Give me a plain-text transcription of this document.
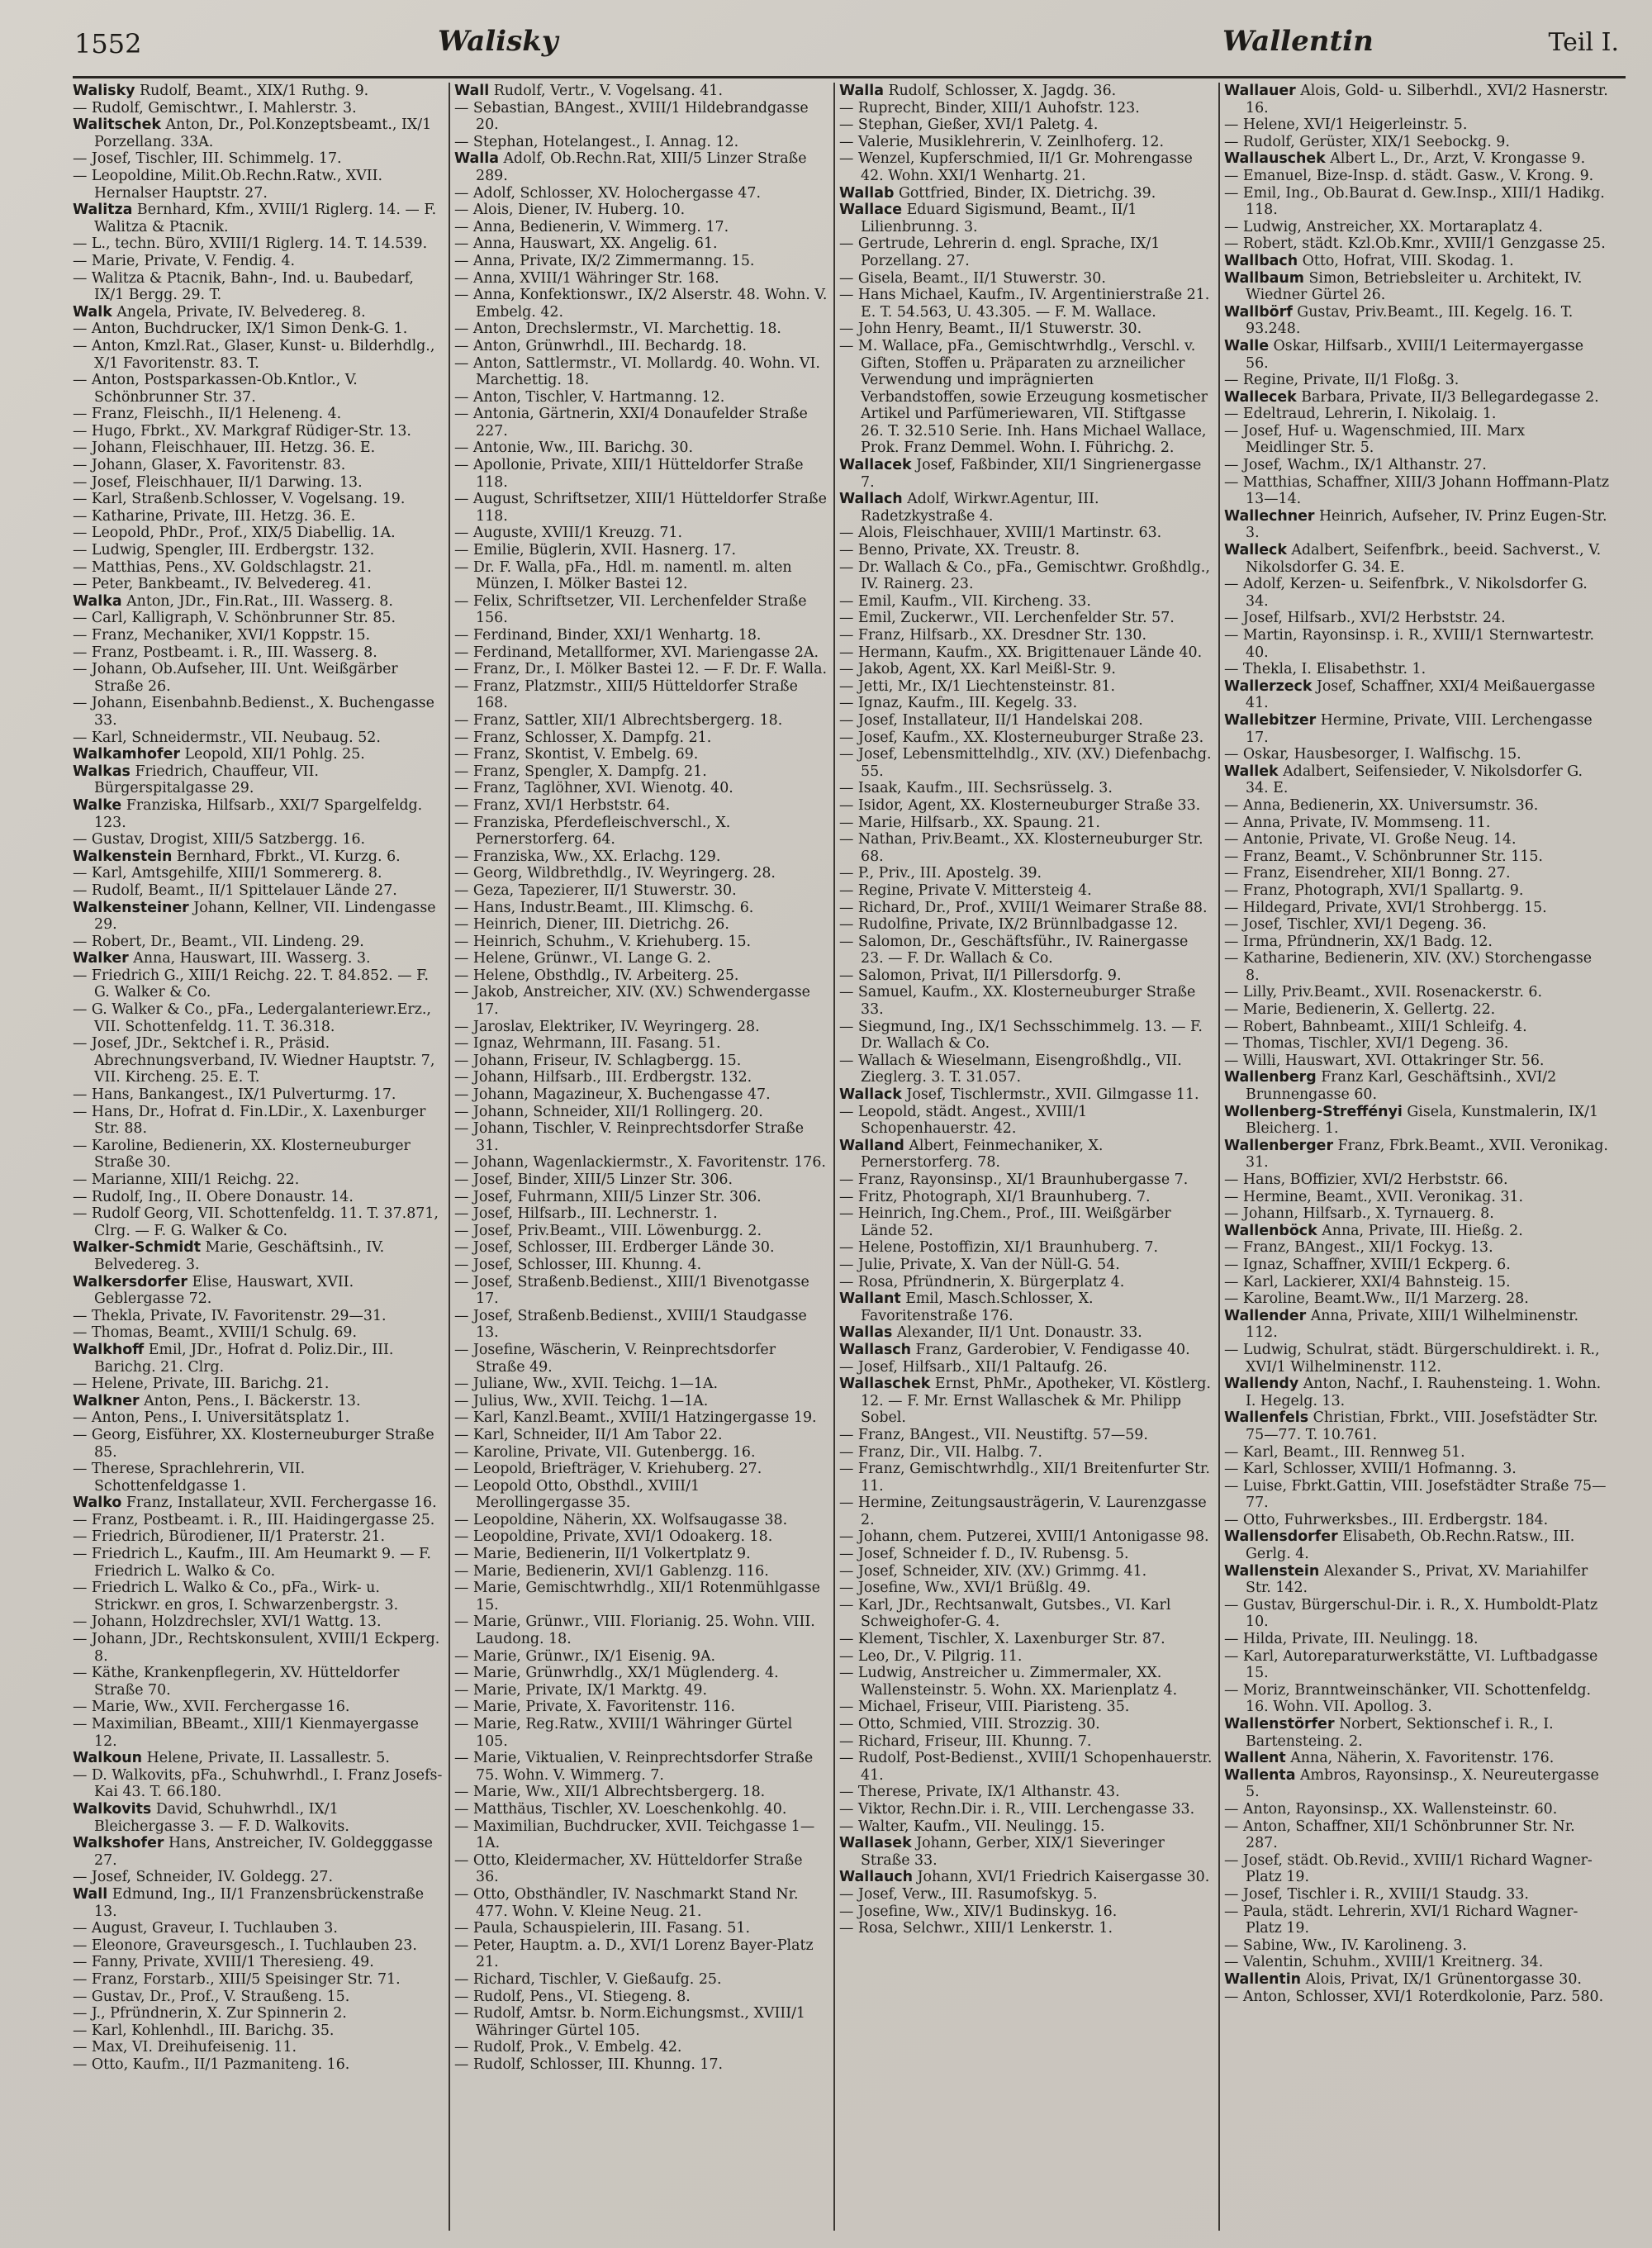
1552	Walisky	Wallentin	Teil I.
Walisky Rudolf, Beamt., XIX/1 Ruthg. 9.
— Rudolf, Gemischtwr., I. Mahlerstr. 3.
Walitschek Anton, Dr., Pol.Konzeptsbeamt., IX/1 Porzellang. 33A.
— Josef, Tischler, III. Schimmelg. 17.
— Leopoldine, Milit.Ob.Rechn.Ratw., XVII. Hernalser Hauptstr. 27.
Walitza Bernhard, Kfm., XVIII/1 Riglerg. 14. — F. Walitza & Ptacnik.
— L., techn. Büro, XVIII/1 Riglerg. 14. T. 14.539.
— Marie, Private, V. Fendig. 4.
— Walitza & Ptacnik, Bahn-, Ind. u. Baubedarf, IX/1 Bergg. 29. T.
Walk Angela, Private, IV. Belvedereg. 8.
— Anton, Buchdrucker, IX/1 Simon Denk-G. 1.
— Anton, Kmzl.Rat., Glaser, Kunst- u. Bilderhdlg., X/1 Favoritenstr. 83. T.
— Anton, Postsparkassen-Ob.Kntlor., V. Schönbrunner Str. 37.
— Franz, Fleischh., II/1 Heleneng. 4.
— Hugo, Fbrkt., XV. Markgraf Rüdiger-Str. 13.
— Johann, Fleischhauer, III. Hetzg. 36. E.
— Johann, Glaser, X. Favoritenstr. 83.
— Josef, Fleischhauer, II/1 Darwing. 13.
— Karl, Straßenb.Schlosser, V. Vogelsang. 19.
— Katharine, Private, III. Hetzg. 36. E.
— Leopold, PhDr., Prof., XIX/5 Diabellig. 1A.
— Ludwig, Spengler, III. Erdbergstr. 132.
— Matthias, Pens., XV. Goldschlagstr. 21.
— Peter, Bankbeamt., IV. Belvedereg. 41.
Walka Anton, JDr., Fin.Rat., III. Wasserg. 8.
— Carl, Kalligraph, V. Schönbrunner Str. 85.
— Franz, Mechaniker, XVI/1 Koppstr. 15.
— Franz, Postbeamt. i. R., III. Wasserg. 8.
— Johann, Ob.Aufseher, III. Unt. Weißgärber Straße 26.
— Johann, Eisenbahnb.Bedienst., X. Buchengasse 33.
— Karl, Schneidermstr., VII. Neubaug. 52.
Walkamhofer Leopold, XII/1 Pohlg. 25.
Walkas Friedrich, Chauffeur, VII. Bürgerspitalgasse 29.
Walke Franziska, Hilfsarb., XXI/7 Spargelfeldg. 123.
— Gustav, Drogist, XIII/5 Satzbergg. 16.
Walkenstein Bernhard, Fbrkt., VI. Kurzg. 6.
— Karl, Amtsgehilfe, XIII/1 Sommererg. 8.
— Rudolf, Beamt., II/1 Spittelauer Lände 27.
Walkensteiner Johann, Kellner, VII. Lindengasse 29.
— Robert, Dr., Beamt., VII. Lindeng. 29.
Walker Anna, Hauswart, III. Wasserg. 3.
— Friedrich G., XIII/1 Reichg. 22. T. 84.852. — F. G. Walker & Co.
— G. Walker & Co., pFa., Ledergalanteriewr.Erz., VII. Schottenfeldg. 11. T. 36.318.
— Josef, JDr., Sektchef i. R., Präsid. Abrechnungsverband, IV. Wiedner Hauptstr. 7, VII. Kircheng. 25. E. T.
— Hans, Bankangest., IX/1 Pulverturmg. 17.
— Hans, Dr., Hofrat d. Fin.LDir., X. Laxenburger Str. 88.
— Karoline, Bedienerin, XX. Klosterneuburger Straße 30.
— Marianne, XIII/1 Reichg. 22.
— Rudolf, Ing., II. Obere Donaustr. 14.
— Rudolf Georg, VII. Schottenfeldg. 11. T. 37.871, Clrg. — F. G. Walker & Co.
Walker-Schmidt Marie, Geschäftsinh., IV. Belvedereg. 3.
Walkersdorfer Elise, Hauswart, XVII. Geblergasse 72.
— Thekla, Private, IV. Favoritenstr. 29—31.
— Thomas, Beamt., XVIII/1 Schulg. 69.
Walkhoff Emil, JDr., Hofrat d. Poliz.Dir., III. Barichg. 21. Clrg.
— Helene, Private, III. Barichg. 21.
Walkner Anton, Pens., I. Bäckerstr. 13.
— Anton, Pens., I. Universitätsplatz 1.
— Georg, Eisführer, XX. Klosterneuburger Straße 85.
— Therese, Sprachlehrerin, VII. Schottenfeldgasse 1.
Walko Franz, Installateur, XVII. Ferchergasse 16.
— Franz, Postbeamt. i. R., III. Haidingergasse 25.
— Friedrich, Bürodiener, II/1 Praterstr. 21.
— Friedrich L., Kaufm., III. Am Heumarkt 9. — F. Friedrich L. Walko & Co.
— Friedrich L. Walko & Co., pFa., Wirk- u. Strickwr. en gros, I. Schwarzenbergstr. 3.
— Johann, Holzdrechsler, XVI/1 Wattg. 13.
— Johann, JDr., Rechtskonsulent, XVIII/1 Eckperg. 8.
— Käthe, Krankenpflegerin, XV. Hütteldorfer Straße 70.
— Marie, Ww., XVII. Ferchergasse 16.
— Maximilian, BBeamt., XIII/1 Kienmayergasse 12.
Walkoun Helene, Private, II. Lassallestr. 5.
— D. Walkovits, pFa., Schuhwrhdl., I. Franz Josefs-Kai 43. T. 66.180.
Walkovits David, Schuhwrhdl., IX/1 Bleichergasse 3. — F. D. Walkovits.
Walkshofer Hans, Anstreicher, IV. Goldegggasse 27.
— Josef, Schneider, IV. Goldegg. 27.
Wall Edmund, Ing., II/1 Franzensbrückenstraße 13.
— August, Graveur, I. Tuchlauben 3.
— Eleonore, Graveursgesch., I. Tuchlauben 23.
— Fanny, Private, XVIII/1 Theresieng. 49.
— Franz, Forstarb., XIII/5 Speisinger Str. 71.
— Gustav, Dr., Prof., V. Straußeng. 15.
— J., Pfründnerin, X. Zur Spinnerin 2.
— Karl, Kohlenhdl., III. Barichg. 35.
— Max, VI. Dreihufeisenig. 11.
— Otto, Kaufm., II/1 Pazmaniteng. 16.
Wall Rudolf, Vertr., V. Vogelsang. 41.
— Sebastian, BAngest., XVIII/1 Hildebrandgasse 20.
— Stephan, Hotelangest., I. Annag. 12.
Walla Adolf, Ob.Rechn.Rat, XIII/5 Linzer Straße 289.
— Adolf, Schlosser, XV. Holochergasse 47.
— Alois, Diener, IV. Huberg. 10.
— Anna, Bedienerin, V. Wimmerg. 17.
— Anna, Hauswart, XX. Angelig. 61.
— Anna, Private, IX/2 Zimmermanng. 15.
— Anna, XVIII/1 Währinger Str. 168.
— Anna, Konfektionswr., IX/2 Alserstr. 48. Wohn. V. Embelg. 42.
— Anton, Drechslermstr., VI. Marchettig. 18.
— Anton, Grünwrhdl., III. Bechardg. 18.
— Anton, Sattlermstr., VI. Mollardg. 40. Wohn. VI. Marchettig. 18.
— Anton, Tischler, V. Hartmanng. 12.
— Antonia, Gärtnerin, XXI/4 Donaufelder Straße 227.
— Antonie, Ww., III. Barichg. 30.
— Apollonie, Private, XIII/1 Hütteldorfer Straße 118.
— August, Schriftsetzer, XIII/1 Hütteldorfer Straße 118.
— Auguste, XVIII/1 Kreuzg. 71.
— Emilie, Büglerin, XVII. Hasnerg. 17.
— Dr. F. Walla, pFa., Hdl. m. namentl. m. alten Münzen, I. Mölker Bastei 12.
— Felix, Schriftsetzer, VII. Lerchenfelder Straße 156.
— Ferdinand, Binder, XXI/1 Wenhartg. 18.
— Ferdinand, Metallformer, XVI. Mariengasse 2A.
— Franz, Dr., I. Mölker Bastei 12. — F. Dr. F. Walla.
— Franz, Platzmstr., XIII/5 Hütteldorfer Straße 168.
— Franz, Sattler, XII/1 Albrechtsbergerg. 18.
— Franz, Schlosser, X. Dampfg. 21.
— Franz, Skontist, V. Embelg. 69.
— Franz, Spengler, X. Dampfg. 21.
— Franz, Taglöhner, XVI. Wienotg. 40.
— Franz, XVI/1 Herbststr. 64.
— Franziska, Pferdefleischverschl., X. Pernerstorferg. 64.
— Franziska, Ww., XX. Erlachg. 129.
— Georg, Wildbrethdlg., IV. Weyringerg. 28.
— Geza, Tapezierer, II/1 Stuwerstr. 30.
— Hans, Industr.Beamt., III. Klimschg. 6.
— Heinrich, Diener, III. Dietrichg. 26.
— Heinrich, Schuhm., V. Kriehuberg. 15.
— Helene, Grünwr., VI. Lange G. 2.
— Helene, Obsthdlg., IV. Arbeiterg. 25.
— Jakob, Anstreicher, XIV. (XV.) Schwendergasse 17.
— Jaroslav, Elektriker, IV. Weyringerg. 28.
— Ignaz, Wehrmann, III. Fasang. 51.
— Johann, Friseur, IV. Schlagbergg. 15.
— Johann, Hilfsarb., III. Erdbergstr. 132.
— Johann, Magazineur, X. Buchengasse 47.
— Johann, Schneider, XII/1 Rollingerg. 20.
— Johann, Tischler, V. Reinprechtsdorfer Straße 31.
— Johann, Wagenlackiermstr., X. Favoritenstr. 176.
— Josef, Binder, XIII/5 Linzer Str. 306.
— Josef, Fuhrmann, XIII/5 Linzer Str. 306.
— Josef, Hilfsarb., III. Lechnerstr. 1.
— Josef, Priv.Beamt., VIII. Löwenburgg. 2.
— Josef, Schlosser, III. Erdberger Lände 30.
— Josef, Schlosser, III. Khunng. 4.
— Josef, Straßenb.Bedienst., XIII/1 Bivenotgasse 17.
— Josef, Straßenb.Bedienst., XVIII/1 Staudgasse 13.
— Josefine, Wäscherin, V. Reinprechtsdorfer Straße 49.
— Juliane, Ww., XVII. Teichg. 1—1A.
— Julius, Ww., XVII. Teichg. 1—1A.
— Karl, Kanzl.Beamt., XVIII/1 Hatzingergasse 19.
— Karl, Schneider, II/1 Am Tabor 22.
— Karoline, Private, VII. Gutenbergg. 16.
— Leopold, Briefträger, V. Kriehuberg. 27.
— Leopold Otto, Obsthdl., XVIII/1 Merollingergasse 35.
— Leopoldine, Näherin, XX. Wolfsaugasse 38.
— Leopoldine, Private, XVI/1 Odoakerg. 18.
— Marie, Bedienerin, II/1 Volkertplatz 9.
— Marie, Bedienerin, XVI/1 Gablenzg. 116.
— Marie, Gemischtwrhdlg., XII/1 Rotenmühlgasse 15.
— Marie, Grünwr., VIII. Florianig. 25. Wohn. VIII. Laudong. 18.
— Marie, Grünwr., IX/1 Eisenig. 9A.
— Marie, Grünwrhdlg., XX/1 Müglenderg. 4.
— Marie, Private, IX/1 Marktg. 49.
— Marie, Private, X. Favoritenstr. 116.
— Marie, Reg.Ratw., XVIII/1 Währinger Gürtel 105.
— Marie, Viktualien, V. Reinprechtsdorfer Straße 75. Wohn. V. Wimmerg. 7.
— Marie, Ww., XII/1 Albrechtsbergerg. 18.
— Matthäus, Tischler, XV. Loeschenkohlg. 40.
— Maximilian, Buchdrucker, XVII. Teichgasse 1—1A.
— Otto, Kleidermacher, XV. Hütteldorfer Straße 36.
— Otto, Obsthändler, IV. Naschmarkt Stand Nr. 477. Wohn. V. Kleine Neug. 21.
— Paula, Schauspielerin, III. Fasang. 51.
— Peter, Hauptm. a. D., XVI/1 Lorenz Bayer-Platz 21.
— Richard, Tischler, V. Gießaufg. 25.
— Rudolf, Pens., VI. Stiegeng. 8.
— Rudolf, Amtsr. b. Norm.Eichungsmst., XVIII/1 Währinger Gürtel 105.
— Rudolf, Prok., V. Embelg. 42.
— Rudolf, Schlosser, III. Khunng. 17.
Walla Rudolf, Schlosser, X. Jagdg. 36.
— Ruprecht, Binder, XIII/1 Auhofstr. 123.
— Stephan, Gießer, XVI/1 Paletg. 4.
— Valerie, Musiklehrerin, V. Zeinlhoferg. 12.
— Wenzel, Kupferschmied, II/1 Gr. Mohrengasse 42. Wohn. XXI/1 Wenhartg. 21.
Wallab Gottfried, Binder, IX. Dietrichg. 39.
Wallace Eduard Sigismund, Beamt., II/1 Lilienbrunng. 3.
— Gertrude, Lehrerin d. engl. Sprache, IX/1 Porzellang. 27.
— Gisela, Beamt., II/1 Stuwerstr. 30.
— Hans Michael, Kaufm., IV. Argentinierstraße 21. E. T. 54.563, U. 43.305. — F. M. Wallace.
— John Henry, Beamt., II/1 Stuwerstr. 30.
— M. Wallace, pFa., Gemischtwrhdlg., Verschl. v. Giften, Stoffen u. Präparaten zu arzneilicher Verwendung und imprägnierten Verbandstoffen, sowie Erzeugung kosmetischer Artikel und Parfümeriewaren, VII. Stiftgasse 26. T. 32.510 Serie. Inh. Hans Michael Wallace, Prok. Franz Demmel. Wohn. I. Führichg. 2.
Wallacek Josef, Faßbinder, XII/1 Singrienergasse 7.
Wallach Adolf, Wirkwr.Agentur, III. Radetzkystraße 4.
— Alois, Fleischhauer, XVIII/1 Martinstr. 63.
— Benno, Private, XX. Treustr. 8.
— Dr. Wallach & Co., pFa., Gemischtwr. Großhdlg., IV. Rainerg. 23.
— Emil, Kaufm., VII. Kircheng. 33.
— Emil, Zuckerwr., VII. Lerchenfelder Str. 57.
— Franz, Hilfsarb., XX. Dresdner Str. 130.
— Hermann, Kaufm., XX. Brigittenauer Lände 40.
— Jakob, Agent, XX. Karl Meißl-Str. 9.
— Jetti, Mr., IX/1 Liechtensteinstr. 81.
— Ignaz, Kaufm., III. Kegelg. 33.
— Josef, Installateur, II/1 Handelskai 208.
— Josef, Kaufm., XX. Klosterneuburger Straße 23.
— Josef, Lebensmittelhdlg., XIV. (XV.) Diefenbachg. 55.
— Isaak, Kaufm., III. Sechsrüsselg. 3.
— Isidor, Agent, XX. Klosterneuburger Straße 33.
— Marie, Hilfsarb., XX. Spaung. 21.
— Nathan, Priv.Beamt., XX. Klosterneuburger Str. 68.
— P., Priv., III. Apostelg. 39.
— Regine, Private V. Mittersteig 4.
— Richard, Dr., Prof., XVIII/1 Weimarer Straße 88.
— Rudolfine, Private, IX/2 Brünnlbadgasse 12.
— Salomon, Dr., Geschäftsführ., IV. Rainergasse 23. — F. Dr. Wallach & Co.
— Salomon, Privat, II/1 Pillersdorfg. 9.
— Samuel, Kaufm., XX. Klosterneuburger Straße 33.
— Siegmund, Ing., IX/1 Sechsschimmelg. 13. — F. Dr. Wallach & Co.
— Wallach & Wieselmann, Eisengroßhdlg., VII. Zieglerg. 3. T. 31.057.
Wallack Josef, Tischlermstr., XVII. Gilmgasse 11.
— Leopold, städt. Angest., XVIII/1 Schopenhauerstr. 42.
Walland Albert, Feinmechaniker, X. Pernerstorferg. 78.
— Franz, Rayonsinsp., XI/1 Braunhubergasse 7.
— Fritz, Photograph, XI/1 Braunhuberg. 7.
— Heinrich, Ing.Chem., Prof., III. Weißgärber Lände 52.
— Helene, Postoffizin, XI/1 Braunhuberg. 7.
— Julie, Private, X. Van der Nüll-G. 54.
— Rosa, Pfründnerin, X. Bürgerplatz 4.
Wallant Emil, Masch.Schlosser, X. Favoritenstraße 176.
Wallas Alexander, II/1 Unt. Donaustr. 33.
Wallasch Franz, Garderobier, V. Fendigasse 40.
— Josef, Hilfsarb., XII/1 Paltaufg. 26.
Wallaschek Ernst, PhMr., Apotheker, VI. Köstlerg. 12. — F. Mr. Ernst Wallaschek & Mr. Philipp Sobel.
— Franz, BAngest., VII. Neustiftg. 57—59.
— Franz, Dir., VII. Halbg. 7.
— Franz, Gemischtwrhdlg., XII/1 Breitenfurter Str. 11.
— Hermine, Zeitungsausträgerin, V. Laurenzgasse 2.
— Johann, chem. Putzerei, XVIII/1 Antonigasse 98.
— Josef, Schneider f. D., IV. Rubensg. 5.
— Josef, Schneider, XIV. (XV.) Grimmg. 41.
— Josefine, Ww., XVI/1 Brüßlg. 49.
— Karl, JDr., Rechtsanwalt, Gutsbes., VI. Karl Schweighofer-G. 4.
— Klement, Tischler, X. Laxenburger Str. 87.
— Leo, Dr., V. Pilgrig. 11.
— Ludwig, Anstreicher u. Zimmermaler, XX. Wallensteinstr. 5. Wohn. XX. Marienplatz 4.
— Michael, Friseur, VIII. Piaristeng. 35.
— Otto, Schmied, VIII. Strozzig. 30.
— Richard, Friseur, III. Khunng. 7.
— Rudolf, Post-Bedienst., XVIII/1 Schopenhauerstr. 41.
— Therese, Private, IX/1 Althanstr. 43.
— Viktor, Rechn.Dir. i. R., VIII. Lerchengasse 33.
— Walter, Kaufm., VII. Neulingg. 15.
Wallasek Johann, Gerber, XIX/1 Sieveringer Straße 33.
Wallauch Johann, XVI/1 Friedrich Kaisergasse 30.
— Josef, Verw., III. Rasumofskyg. 5.
— Josefine, Ww., XIV/1 Budinskyg. 16.
— Rosa, Selchwr., XIII/1 Lenkerstr. 1.
Wallauer Alois, Gold- u. Silberhdl., XVI/2 Hasnerstr. 16.
— Helene, XVI/1 Heigerleinstr. 5.
— Rudolf, Gerüster, XIX/1 Seebockg. 9.
Wallauschek Albert L., Dr., Arzt, V. Krongasse 9.
— Emanuel, Bize-Insp. d. städt. Gasw., V. Krong. 9.
— Emil, Ing., Ob.Baurat d. Gew.Insp., XIII/1 Hadikg. 118.
— Ludwig, Anstreicher, XX. Mortaraplatz 4.
— Robert, städt. Kzl.Ob.Kmr., XVIII/1 Genzgasse 25.
Wallbach Otto, Hofrat, VIII. Skodag. 1.
Wallbaum Simon, Betriebsleiter u. Architekt, IV. Wiedner Gürtel 26.
Wallbörf Gustav, Priv.Beamt., III. Kegelg. 16. T. 93.248.
Walle Oskar, Hilfsarb., XVIII/1 Leitermayergasse 56.
— Regine, Private, II/1 Floßg. 3.
Wallecek Barbara, Private, II/3 Bellegardegasse 2.
— Edeltraud, Lehrerin, I. Nikolaig. 1.
— Josef, Huf- u. Wagenschmied, III. Marx Meidlinger Str. 5.
— Josef, Wachm., IX/1 Althanstr. 27.
— Matthias, Schaffner, XIII/3 Johann Hoffmann-Platz 13—14.
Wallechner Heinrich, Aufseher, IV. Prinz Eugen-Str. 3.
Walleck Adalbert, Seifenfbrk., beeid. Sachverst., V. Nikolsdorfer G. 34. E.
— Adolf, Kerzen- u. Seifenfbrk., V. Nikolsdorfer G. 34.
— Josef, Hilfsarb., XVI/2 Herbststr. 24.
— Martin, Rayonsinsp. i. R., XVIII/1 Sternwartestr. 40.
— Thekla, I. Elisabethstr. 1.
Wallerzeck Josef, Schaffner, XXI/4 Meißauergasse 41.
Wallebitzer Hermine, Private, VIII. Lerchengasse 17.
— Oskar, Hausbesorger, I. Walfischg. 15.
Wallek Adalbert, Seifensieder, V. Nikolsdorfer G. 34. E.
— Anna, Bedienerin, XX. Universumstr. 36.
— Anna, Private, IV. Mommseng. 11.
— Antonie, Private, VI. Große Neug. 14.
— Franz, Beamt., V. Schönbrunner Str. 115.
— Franz, Eisendreher, XII/1 Bonng. 27.
— Franz, Photograph, XVI/1 Spallartg. 9.
— Hildegard, Private, XVI/1 Strohbergg. 15.
— Josef, Tischler, XVI/1 Degeng. 36.
— Irma, Pfründnerin, XX/1 Badg. 12.
— Katharine, Bedienerin, XIV. (XV.) Storchengasse 8.
— Lilly, Priv.Beamt., XVII. Rosenackerstr. 6.
— Marie, Bedienerin, X. Gellertg. 22.
— Robert, Bahnbeamt., XIII/1 Schleifg. 4.
— Thomas, Tischler, XVI/1 Degeng. 36.
— Willi, Hauswart, XVI. Ottakringer Str. 56.
Wallenberg Franz Karl, Geschäftsinh., XVI/2 Brunnengasse 60.
Wollenberg-Streffényi Gisela, Kunstmalerin, IX/1 Bleicherg. 1.
Wallenberger Franz, Fbrk.Beamt., XVII. Veronikag. 31.
— Hans, BOffizier, XVI/2 Herbststr. 66.
— Hermine, Beamt., XVII. Veronikag. 31.
— Johann, Hilfsarb., X. Tyrnauerg. 8.
Wallenböck Anna, Private, III. Hießg. 2.
— Franz, BAngest., XII/1 Fockyg. 13.
— Ignaz, Schaffner, XVIII/1 Eckperg. 6.
— Karl, Lackierer, XXI/4 Bahnsteig. 15.
— Karoline, Beamt.Ww., II/1 Marzerg. 28.
Wallender Anna, Private, XIII/1 Wilhelminenstr. 112.
— Ludwig, Schulrat, städt. Bürgerschuldirekt. i. R., XVI/1 Wilhelminenstr. 112.
Wallendy Anton, Nachf., I. Rauhensteing. 1. Wohn. I. Hegelg. 13.
Wallenfels Christian, Fbrkt., VIII. Josefstädter Str. 75—77. T. 10.761.
— Karl, Beamt., III. Rennweg 51.
— Karl, Schlosser, XVIII/1 Hofmanng. 3.
— Luise, Fbrkt.Gattin, VIII. Josefstädter Straße 75—77.
— Otto, Fuhrwerksbes., III. Erdbergstr. 184.
Wallensdorfer Elisabeth, Ob.Rechn.Ratsw., III. Gerlg. 4.
Wallenstein Alexander S., Privat, XV. Mariahilfer Str. 142.
— Gustav, Bürgerschul-Dir. i. R., X. Humboldt-Platz 10.
— Hilda, Private, III. Neulingg. 18.
— Karl, Autoreparaturwerkstätte, VI. Luftbadgasse 15.
— Moriz, Branntweinschänker, VII. Schottenfeldg. 16. Wohn. VII. Apollog. 3.
Wallenstörfer Norbert, Sektionschef i. R., I. Bartensteing. 2.
Wallent Anna, Näherin, X. Favoritenstr. 176.
Wallenta Ambros, Rayonsinsp., X. Neureutergasse 5.
— Anton, Rayonsinsp., XX. Wallensteinstr. 60.
— Anton, Schaffner, XII/1 Schönbrunner Str. Nr. 287.
— Josef, städt. Ob.Revid., XVIII/1 Richard Wagner-Platz 19.
— Josef, Tischler i. R., XVIII/1 Staudg. 33.
— Paula, städt. Lehrerin, XVI/1 Richard Wagner-Platz 19.
— Sabine, Ww., IV. Karolineng. 3.
— Valentin, Schuhm., XVIII/1 Kreitnerg. 34.
Wallentin Alois, Privat, IX/1 Grünentorgasse 30.
— Anton, Schlosser, XVI/1 Roterdkolonie, Parz. 580.
